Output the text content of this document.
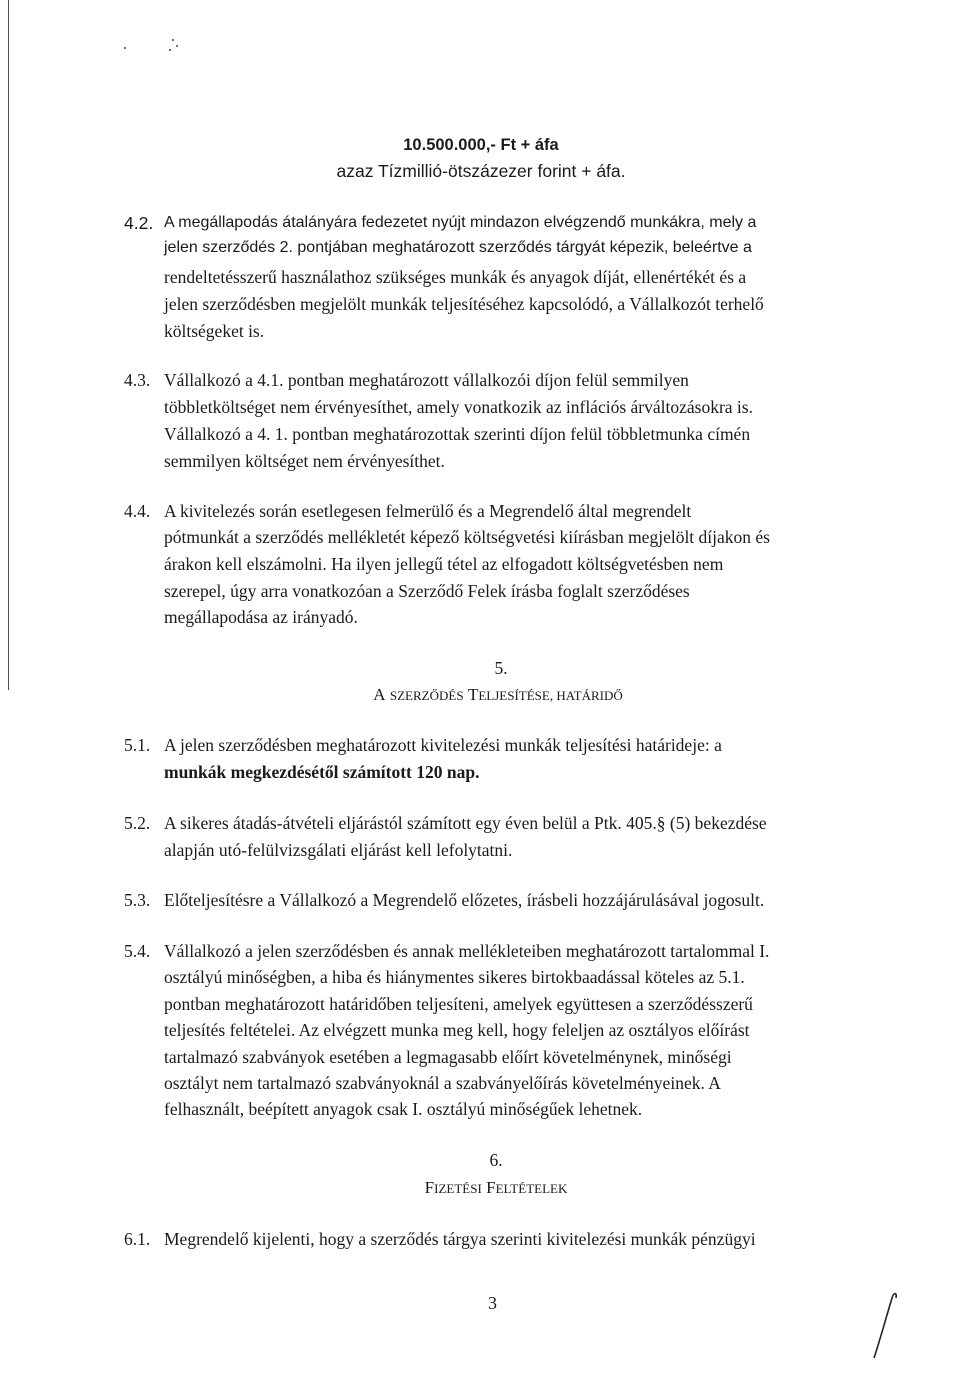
10.500.000,- Ft + áfa
azaz Tízmillió-ötszázezer forint + áfa.
4.2. A megállapodás átalányára fedezetet nyújt mindazon elvégzendő munkákra, mely a
jelen szerződés 2. pontjában meghatározott szerződés tárgyát képezik, beleértve a
rendeltetésszerű használathoz szükséges munkák és anyagok díját, ellenértékét és a
jelen szerződésben megjelölt munkák teljesítéséhez kapcsolódó, a Vállalkozót terhelő
költségeket is.
4.3. Vállalkozó a 4.1. pontban meghatározott vállalkozói díjon felül semmilyen
többletköltséget nem érvényesíthet, amely vonatkozik az inflációs árváltozásokra is.
Vállalkozó a 4. 1. pontban meghatározottak szerinti díjon felül többletmunka címén
semmilyen költséget nem érvényesíthet.
4.4. A kivitelezés során esetlegesen felmerülő és a Megrendelő által megrendelt
pótmunkát a szerződés mellékletét képező költségvetési kiírásban megjelölt díjakon és
árakon kell elszámolni. Ha ilyen jellegű tétel az elfogadott költségvetésben nem
szerepel, úgy arra vonatkozóan a Szerződő Felek írásba foglalt szerződéses
megállapodása az irányadó.
5.
A SZERZŐDÉS TELJESÍTÉSE, HATÁRIDŐ
5.1. A jelen szerződésben meghatározott kivitelezési munkák teljesítési határideje: a
munkák megkezdésétől számított 120 nap.
5.2. A sikeres átadás-átvételi eljárástól számított egy éven belül a Ptk. 405.§ (5) bekezdése
alapján utó-felülvizsgálati eljárást kell lefolytatni.
5.3. Előteljesítésre a Vállalkozó a Megrendelő előzetes, írásbeli hozzájárulásával jogosult.
5.4. Vállalkozó a jelen szerződésben és annak mellékleteiben meghatározott tartalommal I.
osztályú minőségben, a hiba és hiánymentes sikeres birtokbaadással köteles az 5.1.
pontban meghatározott határidőben teljesíteni, amelyek együttesen a szerződésszerű
teljesítés feltételei. Az elvégzett munka meg kell, hogy feleljen az osztályos előírást
tartalmazó szabványok esetében a legmagasabb előírt követelménynek, minőségi
osztályt nem tartalmazó szabványoknál a szabványelőírás követelményeinek. A
felhasznált, beépített anyagok csak I. osztályú minőségűek lehetnek.
6.
FIZETÉSI FELTÉTELEK
6.1. Megrendelő kijelenti, hogy a szerződés tárgya szerinti kivitelezési munkák pénzügyi
3
